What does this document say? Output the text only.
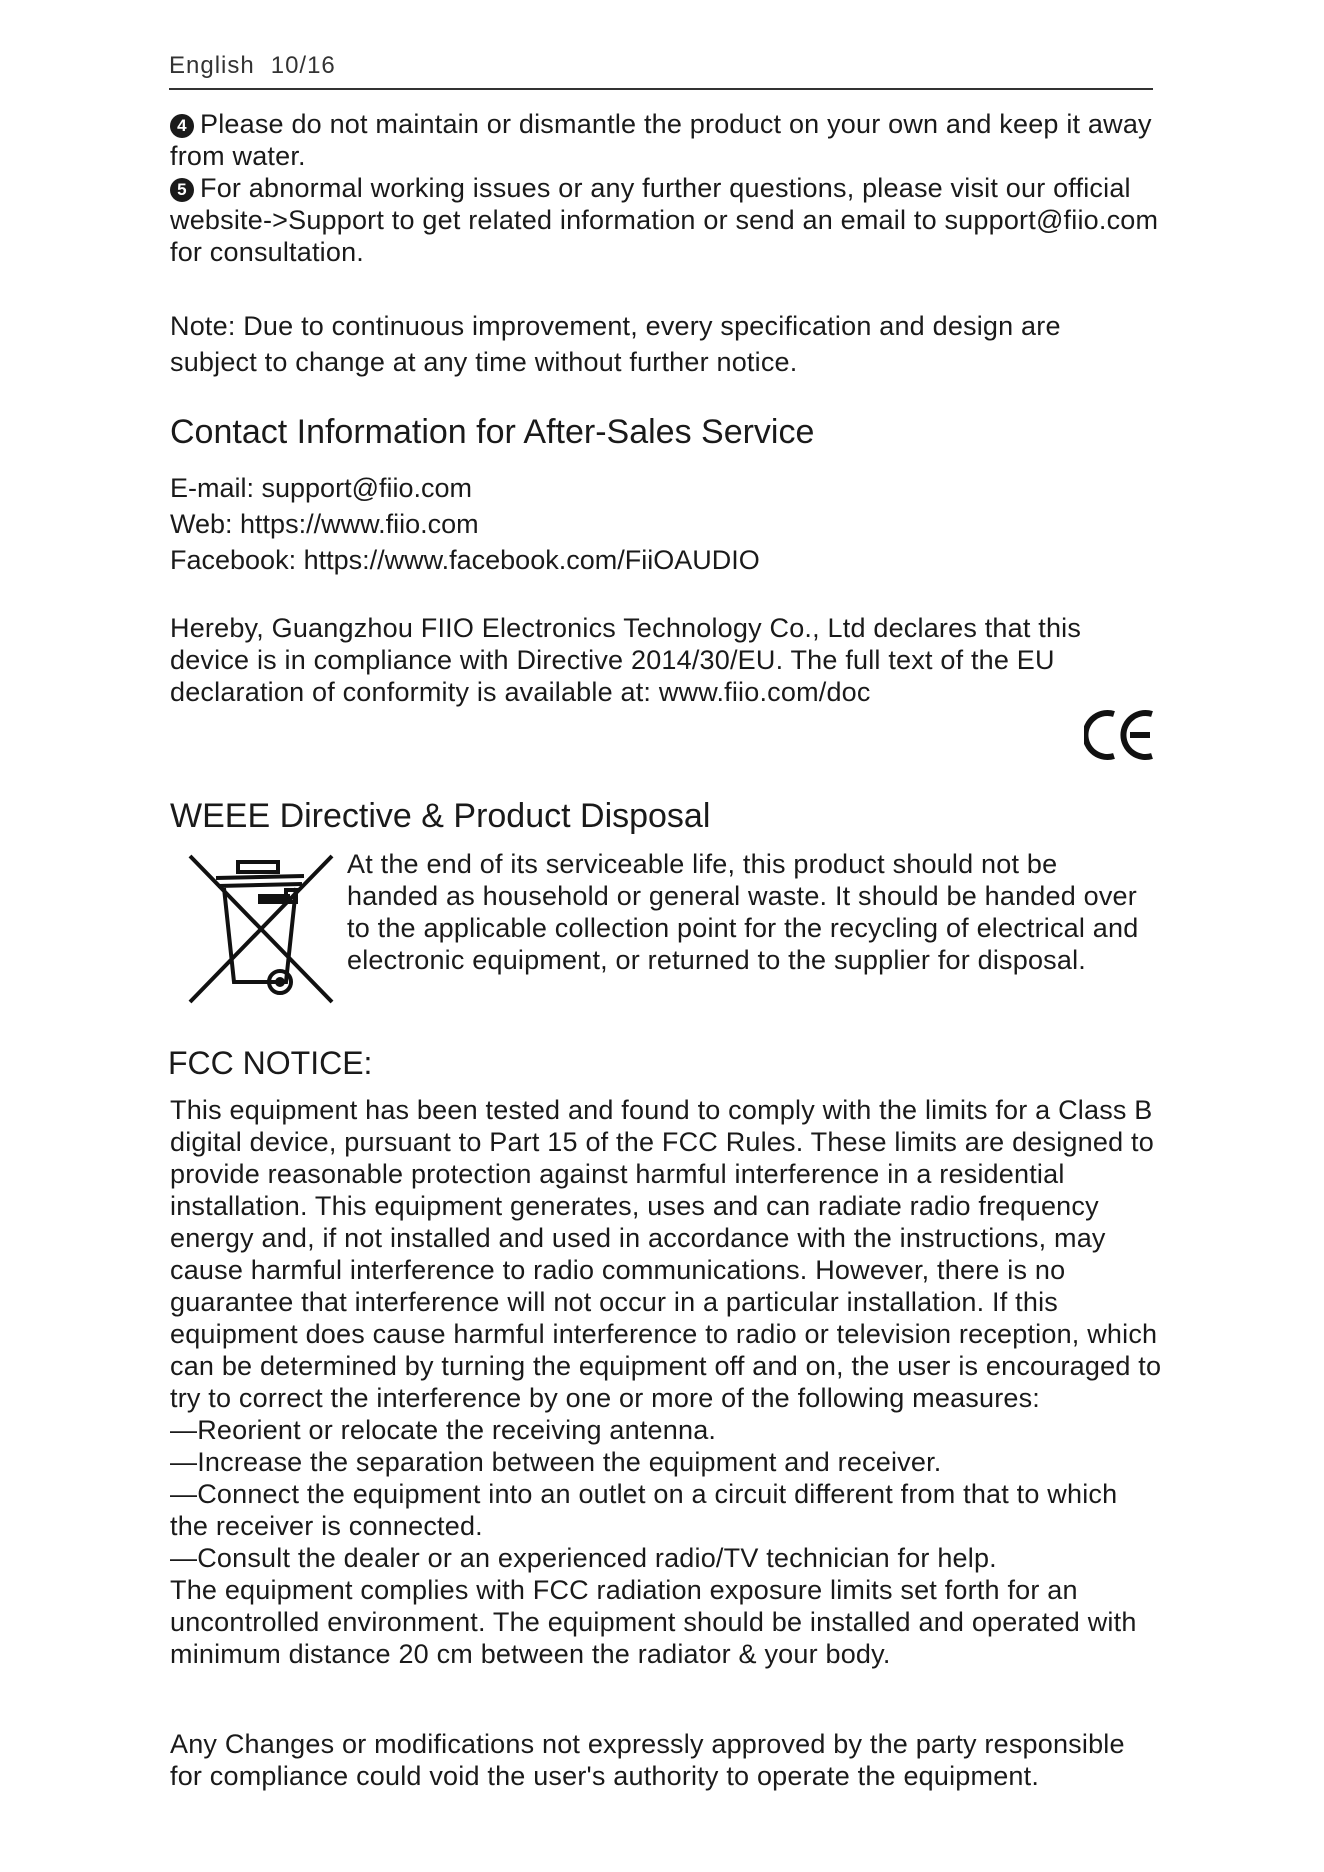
English 10/16
4 Please do not maintain or dismantle the product on your own and keep it away from water.
5 For abnormal working issues or any further questions, please visit our official website->Support to get related information or send an email to support@fiio.com for consultation.
Note: Due to continuous improvement, every specification and design are subject to change at any time without further notice.
Contact Information for After-Sales Service
E-mail: support@fiio.com
Web: https://www.fiio.com
Facebook: https://www.facebook.com/FiiOAUDIO
Hereby, Guangzhou FIIO Electronics Technology Co., Ltd declares that this device is in compliance with Directive 2014/30/EU. The full text of the EU declaration of conformity is available at: www.fiio.com/doc
WEEE Directive & Product Disposal
At the end of its serviceable life, this product should not be handed as household or general waste. It should be handed over to the applicable collection point for the recycling of electrical and electronic equipment, or returned to the supplier for disposal.
FCC NOTICE:

This equipment has been tested and found to comply with the limits for a Class B digital device, pursuant to Part 15 of the FCC Rules. These limits are designed to provide reasonable protection against harmful interference in a residential installation. This equipment generates, uses and can radiate radio frequency energy and, if not installed and used in accordance with the instructions, may cause harmful interference to radio communications. However, there is no guarantee that interference will not occur in a particular installation. If this equipment does cause harmful interference to radio or television reception, which can be determined by turning the equipment off and on, the user is encouraged to try to correct the interference by one or more of the following measures:

—Reorient or relocate the receiving antenna.

—Increase the separation between the equipment and receiver.

—Connect the equipment into an outlet on a circuit different from that to which the receiver is connected.

—Consult the dealer or an experienced radio/TV technician for help.

The equipment complies with FCC radiation exposure limits set forth for an uncontrolled environment. The equipment should be installed and operated with minimum distance 20 cm between the radiator & your body.

Any Changes or modifications not expressly approved by the party responsible for compliance could void the user's authority to operate the equipment.
